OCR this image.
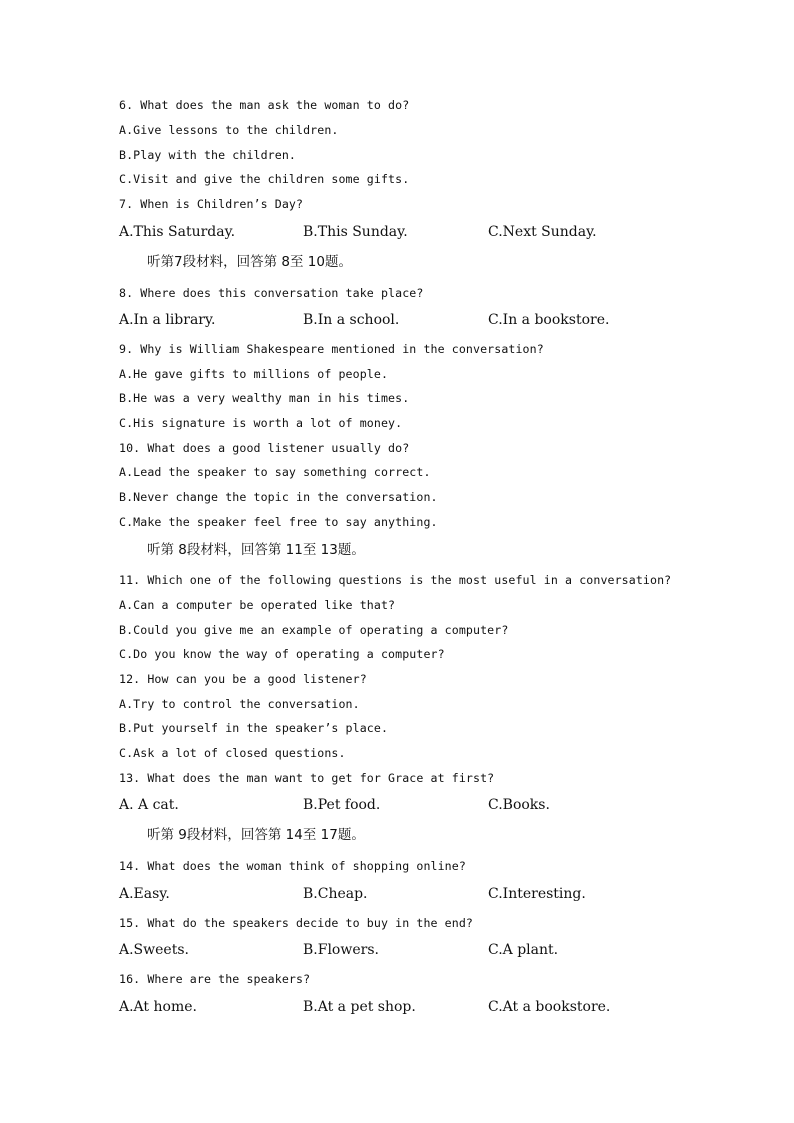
6. What does the man ask the woman to do?
A.Give lessons to the children.
B.Play with the children.
C.Visit and give the children some gifts.
7. When is Children’s Day?
A.This Saturday.	B.This Sunday.	C.Next Sunday.
听第7段材料，回答第 8至 10题。
8. Where does this conversation take place?
A.In a library.	B.In a school.	C.In a bookstore.
9. Why is William Shakespeare mentioned in the conversation?
A.He gave gifts to millions of people.
B.He was a very wealthy man in his times.
C.His signature is worth a lot of money.
10. What does a good listener usually do?
A.Lead the speaker to say something correct.
B.Never change the topic in the conversation.
C.Make the speaker feel free to say anything.
听第 8段材料，回答第 11至 13题。
11. Which one of the following questions is the most useful in a conversation?
A.Can a computer be operated like that?
B.Could you give me an example of operating a computer?
C.Do you know the way of operating a computer?
12. How can you be a good listener?
A.Try to control the conversation.
B.Put yourself in the speaker’s place.
C.Ask a lot of closed questions.
13. What does the man want to get for Grace at first?
A. A cat.	B.Pet food.	C.Books.
听第 9段材料，回答第 14至 17题。
14. What does the woman think of shopping online?
A.Easy.	B.Cheap.	C.Interesting.
15. What do the speakers decide to buy in the end?
A.Sweets.	B.Flowers.	C.A plant.
16. Where are the speakers?
A.At home.	B.At a pet shop.	C.At a bookstore.
